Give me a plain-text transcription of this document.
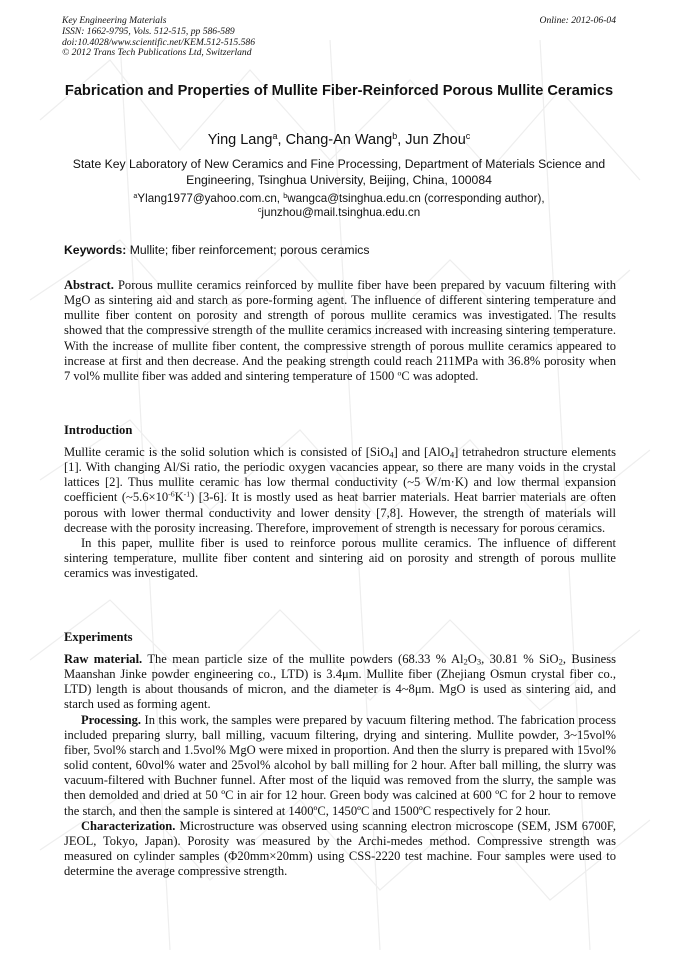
Key Engineering Materials
ISSN: 1662-9795, Vols. 512-515, pp 586-589
doi:10.4028/www.scientific.net/KEM.512-515.586
© 2012 Trans Tech Publications Ltd, Switzerland
Online: 2012-06-04
Fabrication and Properties of Mullite Fiber-Reinforced Porous Mullite Ceramics
Ying Lang$^a$, Chang-An Wang$^b$, Jun Zhou$^c$
State Key Laboratory of New Ceramics and Fine Processing, Department of Materials Science and Engineering, Tsinghua University, Beijing, China, 100084
$^a$Ylang1977@yahoo.com.cn, $^b$wangca@tsinghua.edu.cn (corresponding author),
$^c$junzhou@mail.tsinghua.edu.cn
Keywords: Mullite; fiber reinforcement; porous ceramics

Abstract. Porous mullite ceramics reinforced by mullite fiber have been prepared by vacuum filtering with MgO as sintering aid and starch as pore-forming agent. The influence of different sintering temperature and mullite fiber content on porosity and strength of porous mullite ceramics was investigated. The results showed that the compressive strength of the mullite ceramics increased with increasing sintering temperature. With the increase of mullite fiber content, the compressive strength of porous mullite ceramics appeared to increase at first and then decrease. And the peaking strength could reach 211MPa with 36.8% porosity when 7 vol% mullite fiber was added and sintering temperature of 1500 $^o$C was adopted.

Introduction

Mullite ceramic is the solid solution which is consisted of [SiO$_4$] and [AlO$_4$] tetrahedron structure elements [1]. With changing Al/Si ratio, the periodic oxygen vacancies appear, so there are many voids in the crystal lattices [2]. Thus mullite ceramic has low thermal conductivity (~5 W/m·K) and low thermal expansion coefficient $(\sim 5.6\times 10^{-6}K^{-1})$ [3-6]. It is mostly used as heat barrier materials. Heat barrier materials are often porous with lower thermal conductivity and lower density [7,8]. However, the strength of materials will decrease with the porosity increasing. Therefore, improvement of strength is necessary for porous ceramics.

In this paper, mullite fiber is used to reinforce porous mullite ceramics. The influence of different sintering temperature, mullite fiber content and sintering aid on porosity and strength of porous mullite ceramics was investigated.

Experiments

Raw material. The mean particle size of the mullite powders (68.33 % $Al_2O_3$, 30.81 % SiO$_2$, Business Maanshan Jinke powder engineering co., LTD) is 3.4μm. Mullite fiber (Zhejiang Osmun crystal fiber co., LTD) length is about thousands of micron, and the diameter is 4~8μm. MgO is used as sintering aid, and starch used as forming agent.

Processing. In this work, the samples were prepared by vacuum filtering method. The fabrication process included preparing slurry, ball milling, vacuum filtering, drying and sintering. Mullite powder, 3~15vol% fiber, 5vol% starch and 1.5vol% MgO were mixed in proportion. And then the slurry is prepared with 15vol% solid content, 60vol% water and 25vol% alcohol by ball milling for 2 hour. After ball milling, the slurry was vacuum-filtered with Buchner funnel. After most of the liquid was removed from the slurry, the sample was then demolded and dried at 50 ºC in air for 12 hour. Green body was calcined at 600 ºC for 2 hour to remove the starch, and then the sample is sintered at 1400ºC, 1450ºC and 1500ºC respectively for 2 hour.

Characterization. Microstructure was observed using scanning electron microscope (SEM, JSM 6700F, JEOL, Tokyo, Japan). Porosity was measured by the Archi-medes method. Compressive strength was measured on cylinder samples (Φ20mm×20mm) using CSS-2220 test machine. Four samples were used to determine the average compressive strength.
